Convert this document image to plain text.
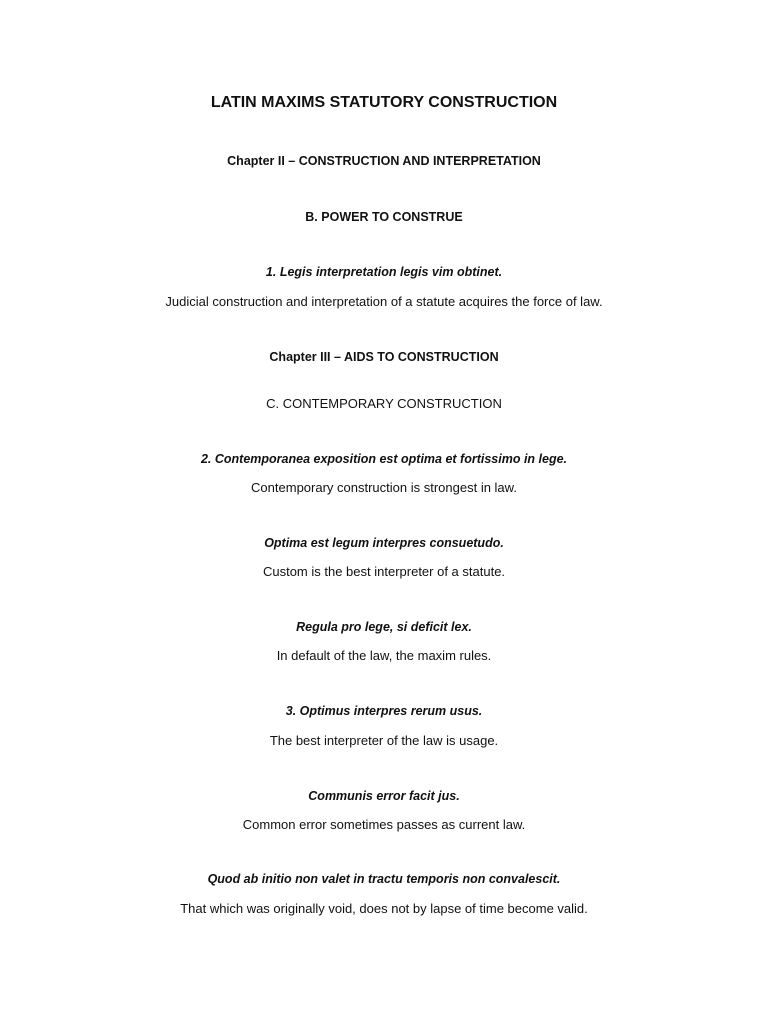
LATIN MAXIMS STATUTORY CONSTRUCTION
Chapter II – CONSTRUCTION AND INTERPRETATION
B. POWER TO CONSTRUE
1. Legis interpretation legis vim obtinet.
Judicial construction and interpretation of a statute acquires the force of law.
Chapter III – AIDS TO CONSTRUCTION
C. CONTEMPORARY CONSTRUCTION
2. Contemporanea exposition est optima et fortissimo in lege.
Contemporary construction is strongest in law.
Optima est legum interpres consuetudo.
Custom is the best interpreter of a statute.
Regula pro lege, si deficit lex.
In default of the law, the maxim rules.
3. Optimus interpres rerum usus.
The best interpreter of the law is usage.
Communis error facit jus.
Common error sometimes passes as current law.
Quod ab initio non valet in tractu temporis non convalescit.
That which was originally void, does not by lapse of time become valid.
